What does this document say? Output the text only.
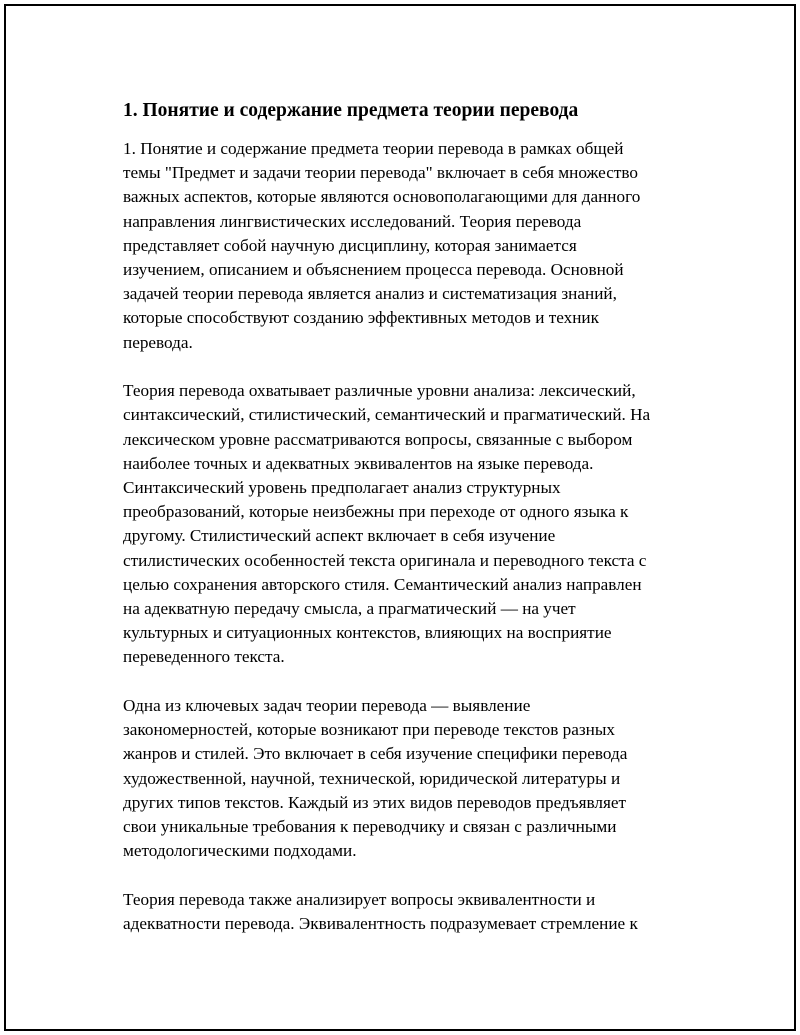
1. Понятие и содержание предмета теории перевода

1. Понятие и содержание предмета теории перевода в рамках общей
темы "Предмет и задачи теории перевода" включает в себя множество
важных аспектов, которые являются основополагающими для данного
направления лингвистических исследований. Теория перевода
представляет собой научную дисциплину, которая занимается
изучением, описанием и объяснением процесса перевода. Основной
задачей теории перевода является анализ и систематизация знаний,
которые способствуют созданию эффективных методов и техник
перевода.

Теория перевода охватывает различные уровни анализа: лексический,
синтаксический, стилистический, семантический и прагматический. На
лексическом уровне рассматриваются вопросы, связанные с выбором
наиболее точных и адекватных эквивалентов на языке перевода.
Синтаксический уровень предполагает анализ структурных
преобразований, которые неизбежны при переходе от одного языка к
другому. Стилистический аспект включает в себя изучение
стилистических особенностей текста оригинала и переводного текста с
целью сохранения авторского стиля. Семантический анализ направлен
на адекватную передачу смысла, а прагматический — на учет
культурных и ситуационных контекстов, влияющих на восприятие
переведенного текста.

Одна из ключевых задач теории перевода — выявление
закономерностей, которые возникают при переводе текстов разных
жанров и стилей. Это включает в себя изучение специфики перевода
художественной, научной, технической, юридической литературы и
других типов текстов. Каждый из этих видов переводов предъявляет
свои уникальные требования к переводчику и связан с различными
методологическими подходами.

Теория перевода также анализирует вопросы эквивалентности и
адекватности перевода. Эквивалентность подразумевает стремление к
